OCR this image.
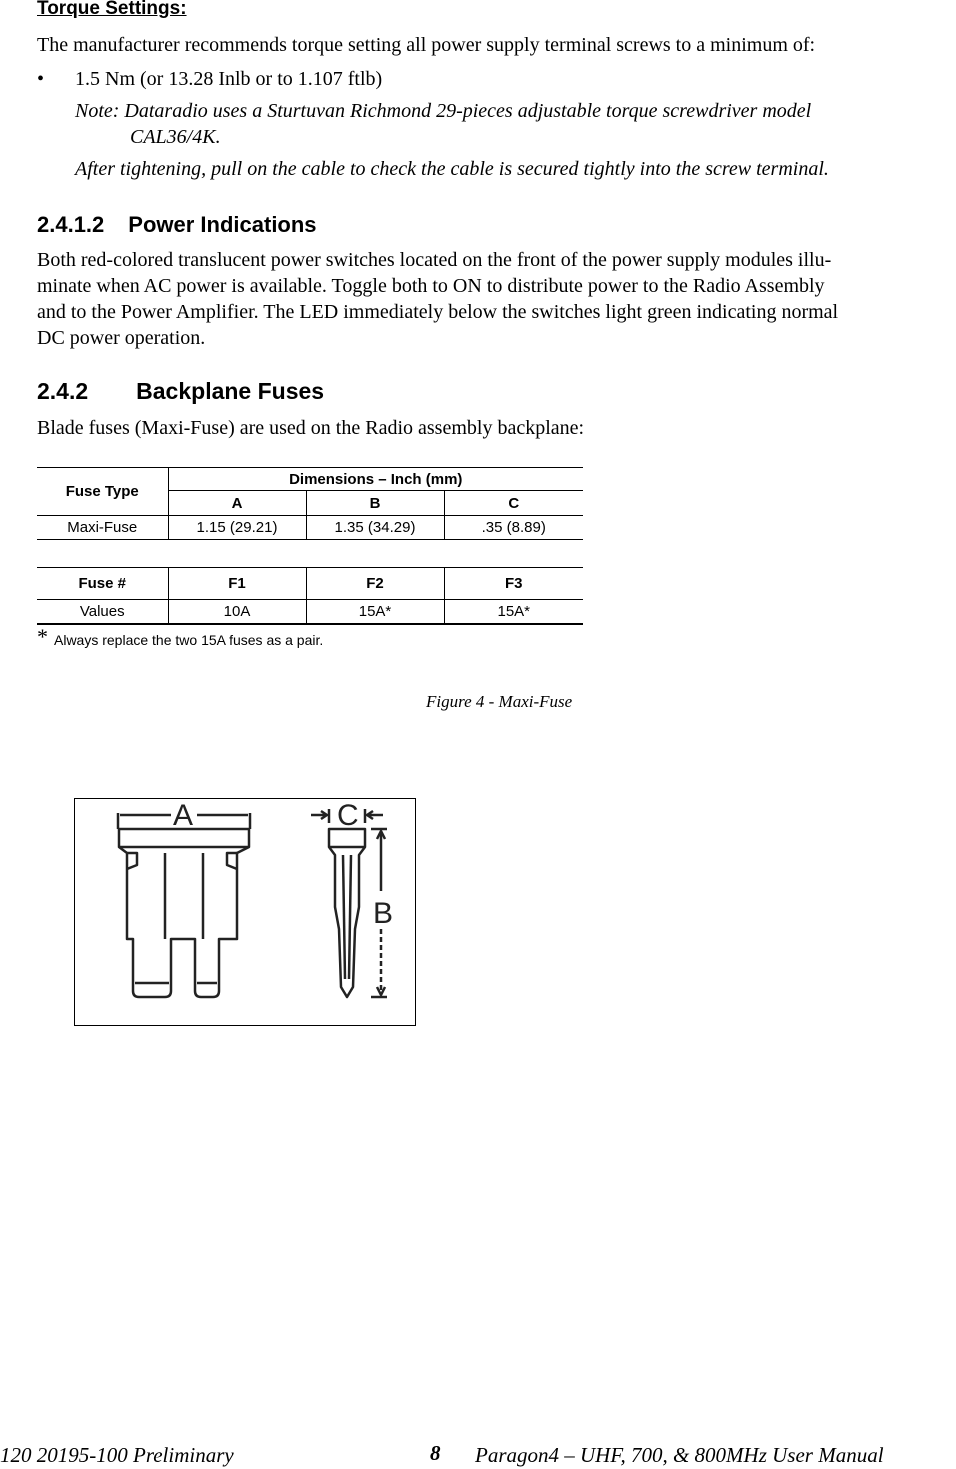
Torque Settings:
The manufacturer recommends torque setting all power supply terminal screws to a minimum of:
• 1.5 Nm (or 13.28 Inlb or to 1.107 ftlb)
Note: Dataradio uses a Sturtuvan Richmond 29-pieces adjustable torque screwdriver model
CAL36/4K.
After tightening, pull on the cable to check the cable is secured tightly into the screw terminal.
2.4.1.2 Power Indications
Both red-colored translucent power switches located on the front of the power supply modules illu-
minate when AC power is available. Toggle both to ON to distribute power to the Radio Assembly
and to the Power Amplifier. The LED immediately below the switches light green indicating normal
DC power operation.
2.4.2 Backplane Fuses
Blade fuses (Maxi-Fuse) are used on the Radio assembly backplane:
Fuse Type	Dimensions – Inch (mm)		
	A	B	C
Maxi-Fuse	1.15 (29.21)	1.35 (34.29)	.35 (8.89)
Fuse #	F1	F2	F3
Values	10A	15A*	15A*
* Always replace the two 15A fuses as a pair.
Figure 4 - Maxi-Fuse
A	C
B
120 20195-100 Preliminary	8 Paragon4 – UHF, 700, & 800MHz User Manual
